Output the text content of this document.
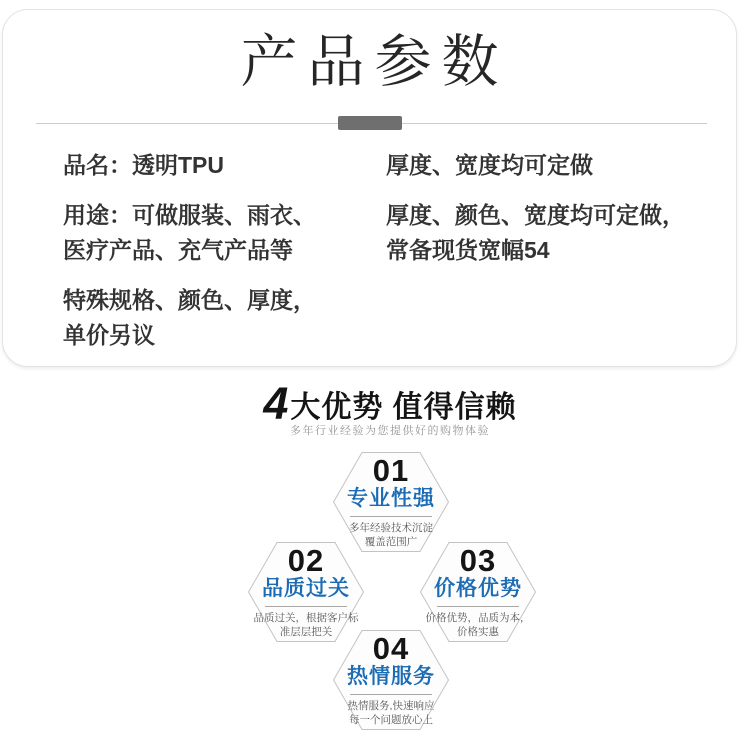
产品参数
品名：透明TPU
用途：可做服装、雨衣、
医疗产品、充气产品等
特殊规格、颜色、厚度，
单价另议
厚度、宽度均可定做
厚度、颜色、宽度均可定做，
常备现货宽幅54
4大优势 值得信赖
多年行业经验为您提供好的购物体验
01
专业性强
多年经验技术沉淀
覆盖范围广
02
品质过关
品质过关，根据客户标
准层层把关
03
价格优势
价格优势，品质为本，
价格实惠
04
热情服务
热情服务,快速响应
每一个问题放心上
